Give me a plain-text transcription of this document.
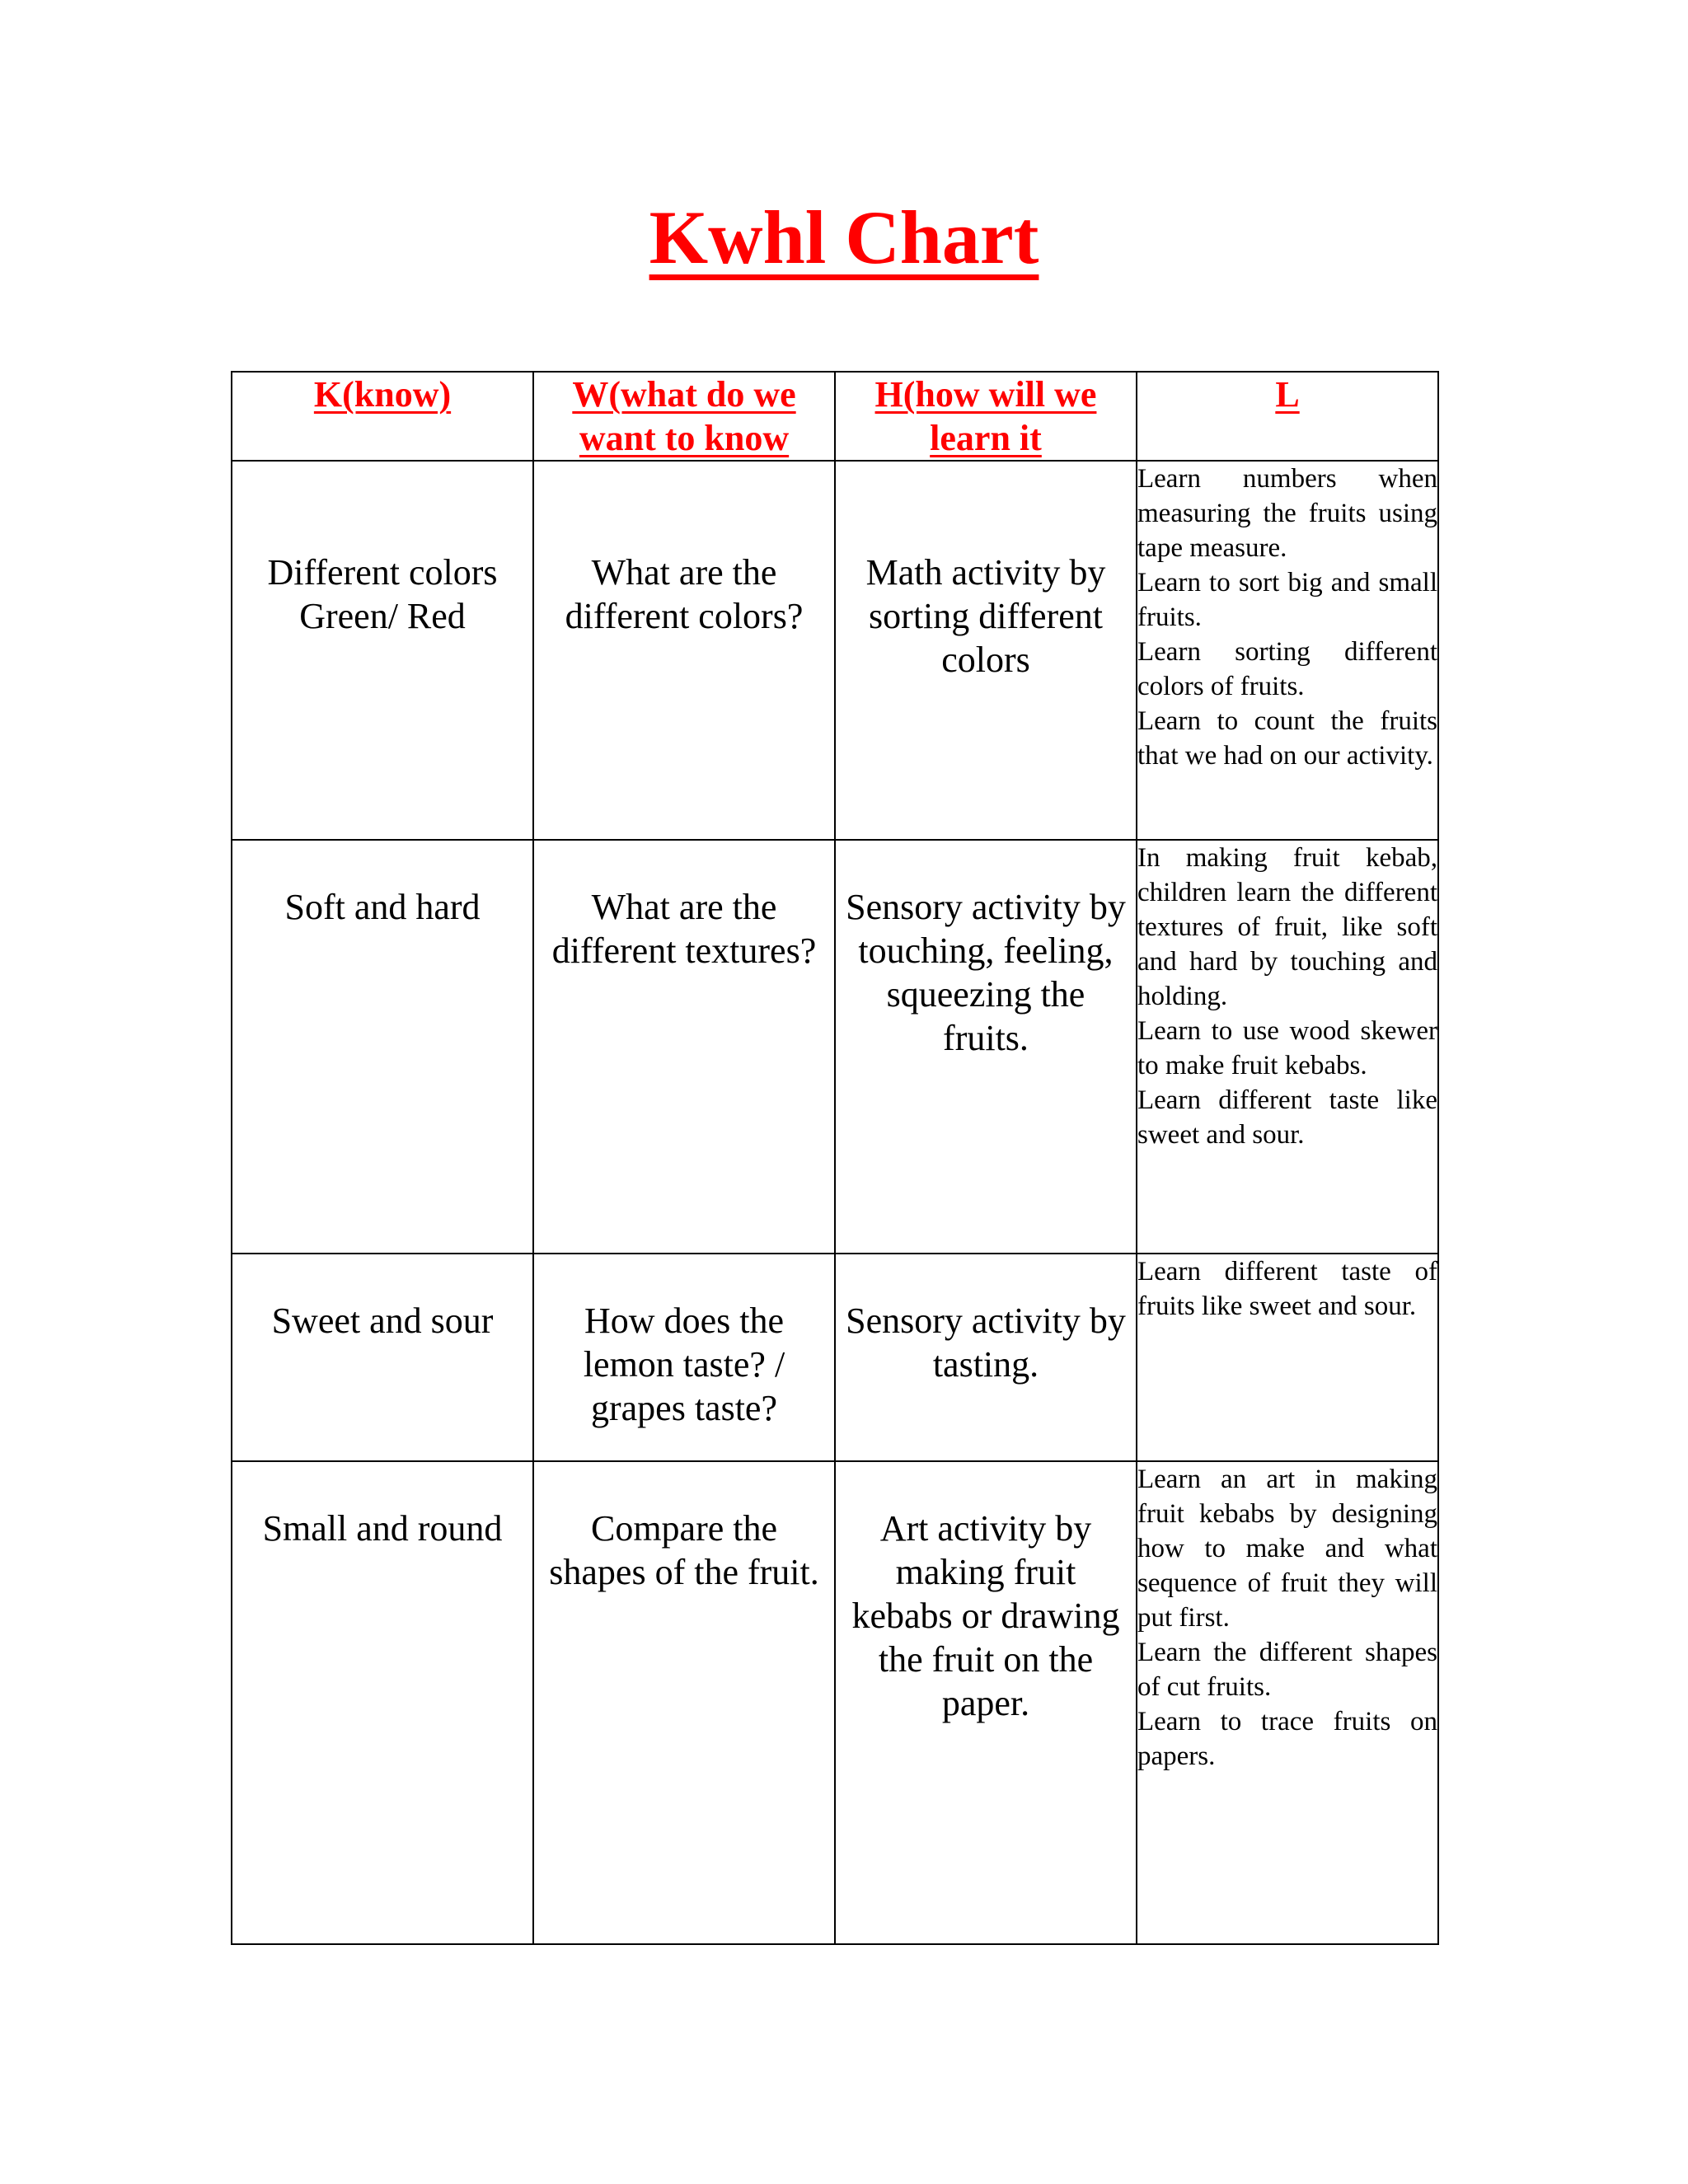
Kwhl Chart
K(know)	W(what do we want to know	H(how will we learn it	L

Different colors Green/ Red	What are the different colors?	Math activity by sorting different colors	Learn numbers when measuring the fruits using tape measure.
Learn to sort big and small fruits.
Learn sorting different colors of fruits.
Learn to count the fruits that we had on our activity.

Soft and hard	What are the different textures?	Sensory activity by touching, feeling, squeezing the fruits.	In making fruit kebab, children learn the different textures of fruit, like soft and hard by touching and holding.
Learn to use wood skewer to make fruit kebabs.
Learn different taste like sweet and sour.

Sweet and sour	How does the lemon taste? / grapes taste?	Sensory activity by tasting.	Learn different taste of fruits like sweet and sour.

Small and round	Compare the shapes of the fruit.	Art activity by making fruit kebabs or drawing the fruit on the paper.	Learn an art in making fruit kebabs by designing how to make and what sequence of fruit they will put first.
Learn the different shapes of cut fruits.
Learn to trace fruits on papers.
